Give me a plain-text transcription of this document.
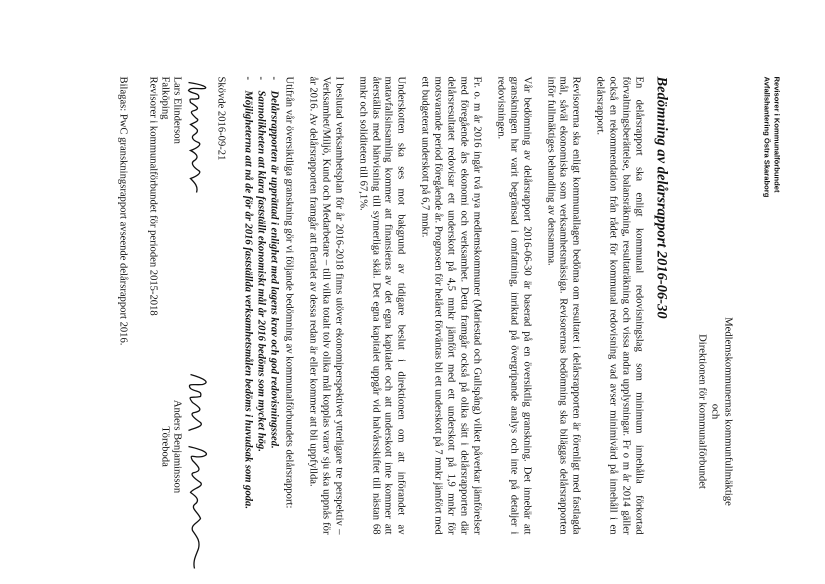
Revisorer i Kommunalförbundet
Avfallshantering Östra Skaraborg
Medlemskommunernas kommunfullmäktige
och
Direktionen för kommunalförbundet
Bedömning av delårsrapport 2016-06-30

En delårsrapport ska enligt kommunal redovisningslag som minimum innehålla förkortad förvaltningsberättelse, balansräkning, resultaträkning och vissa andra upplysningar. Fr o m år 2014 gäller också en rekommendation från rådet för kommunal redovisning vad avser minimivärd på innehåll i en delårsrapport.

Revisorerna ska enligt kommunallagen bedöma om resultatet i delårsrapporten är förenligt med fastlagda mål, såväl ekonomiska som verksamhetsmässiga. Revisorernas bedömning ska biläggas delårsrapporten inför fullmäktiges behandling av densamma.

Vår bedömning av delårsrapport 2016-06-30 är baserad på en översiktlig granskning. Det innebär att granskningen har varit begränsad i omfattning, inriktad på övergripande analys och inte på detaljer i redovisningen.

Fr. o. m år 2016 ingår två nya medlemskommuner (Mariestad och Gullspång) vilket påverkar jämförelser med föregående års ekonomi och verksamhet. Detta framgår också på olika sätt i delårsrapporten där delårsresultatet redovisar ett underskott på 4,5 mnkr jämfört med ett underskott på 1,9 mnkr för motsvarande period föregående år. Prognosen för helåret förväntas bli ett underskott på 7 mnkr jämfört med ett budgeterat underskott på 6,7 mnkr.

Underskotten ska ses mot bakgrund av tidigare beslut i direktionen om att införandet av matavfallsinsamling kommer att finansieras av det egna kapitalet och att underskott inte kommer att återställas med hänvisning till synnerliga skäl. Det egna kapitalet uppgår vid halvårsskiftet till nästan 68 mnkr och soliditeten till 67,1%.

I beslutad verksamhetsplan för år 2016-2018 finns utöver ekonomiperspektivet ytterligare tre perspektiv – Verksamhet/Miljö, Kund och Medarbetare – till vilka totalt tolv olika mål kopplas varav sju ska uppnås för år 2016. Av delårsrapporten framgår att flertalet av dessa redan är eller kommer att bli uppfyllda.

Utifrån vår översiktliga granskning gör vi följande bedömning av kommunalförbundets delårsrapport:

-
Delårsrapporten är upprättad i enlighet med lagens krav och god redovisningssed.
-
Sannolikheten att klara fastställt ekonomiskt mål år 2016 bedöms som mycket hög.
-
Möjligheterna att nå de för år 2016 fastställda verksamhetsmålen bedöms i huvudsak som goda.
Skövde 2016-09-21
Lars Elinderson
Falköping
Revisorer i kommunalförbundet för perioden 2015-2018
Anders Benjaminsson
Töreboda
Bilagas: PwC granskningsrapport avseende delårsrapport 2016.
